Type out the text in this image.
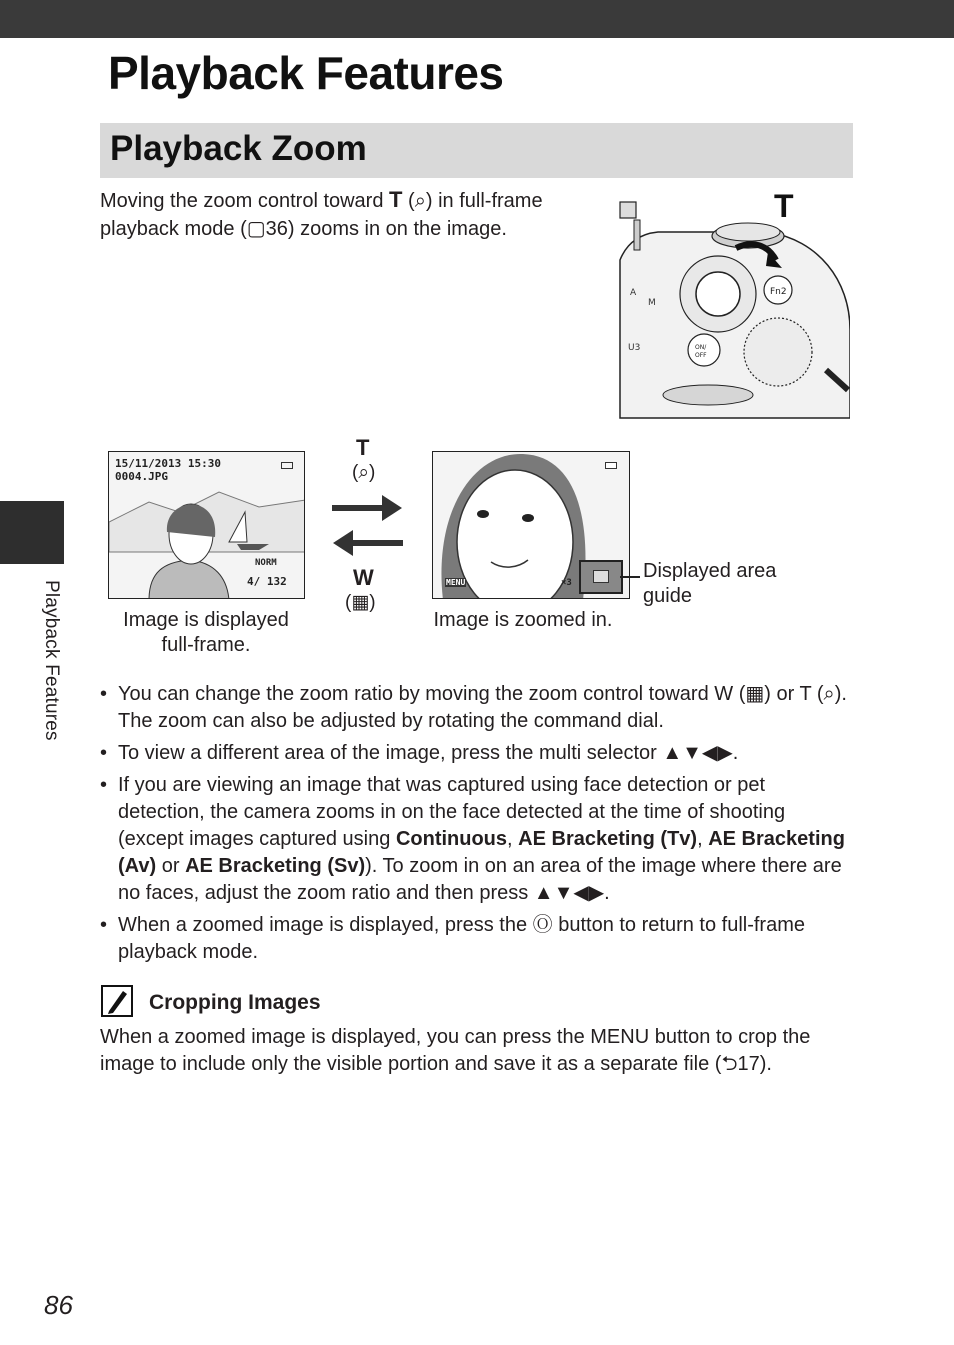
Playback Features
Playback Features
Playback Zoom

Moving the zoom control toward T (⌕) in full-frame playback mode (▢36) zooms in on the image.

Fn2
ON/
OFF
A
M
U3
T
15/11/2013 15:30
0004.JPG
NORM
4/ 132
T
(⌕)
W
(▦)
MENU	×3
Image is displayed
full-frame.
Image is zoomed in.
Displayed area
guide
• You can change the zoom ratio by moving the zoom control toward W (▦) or T (⌕). The zoom can also be adjusted by rotating the command dial.
• To view a different area of the image, press the multi selector ▲▼◀▶.
• If you are viewing an image that was captured using face detection or pet detection, the camera zooms in on the face detected at the time of shooting (except images captured using Continuous, AE Bracketing (Tv), AE Bracketing (Av) or AE Bracketing (Sv)). To zoom in on an area of the image where there are no faces, adjust the zoom ratio and then press ▲▼◀▶.
• When a zoomed image is displayed, press the Ⓞ button to return to full-frame playback mode.
Cropping Images

When a zoomed image is displayed, you can press the MENU button to crop the image to include only the visible portion and save it as a separate file (⮌17).

86
